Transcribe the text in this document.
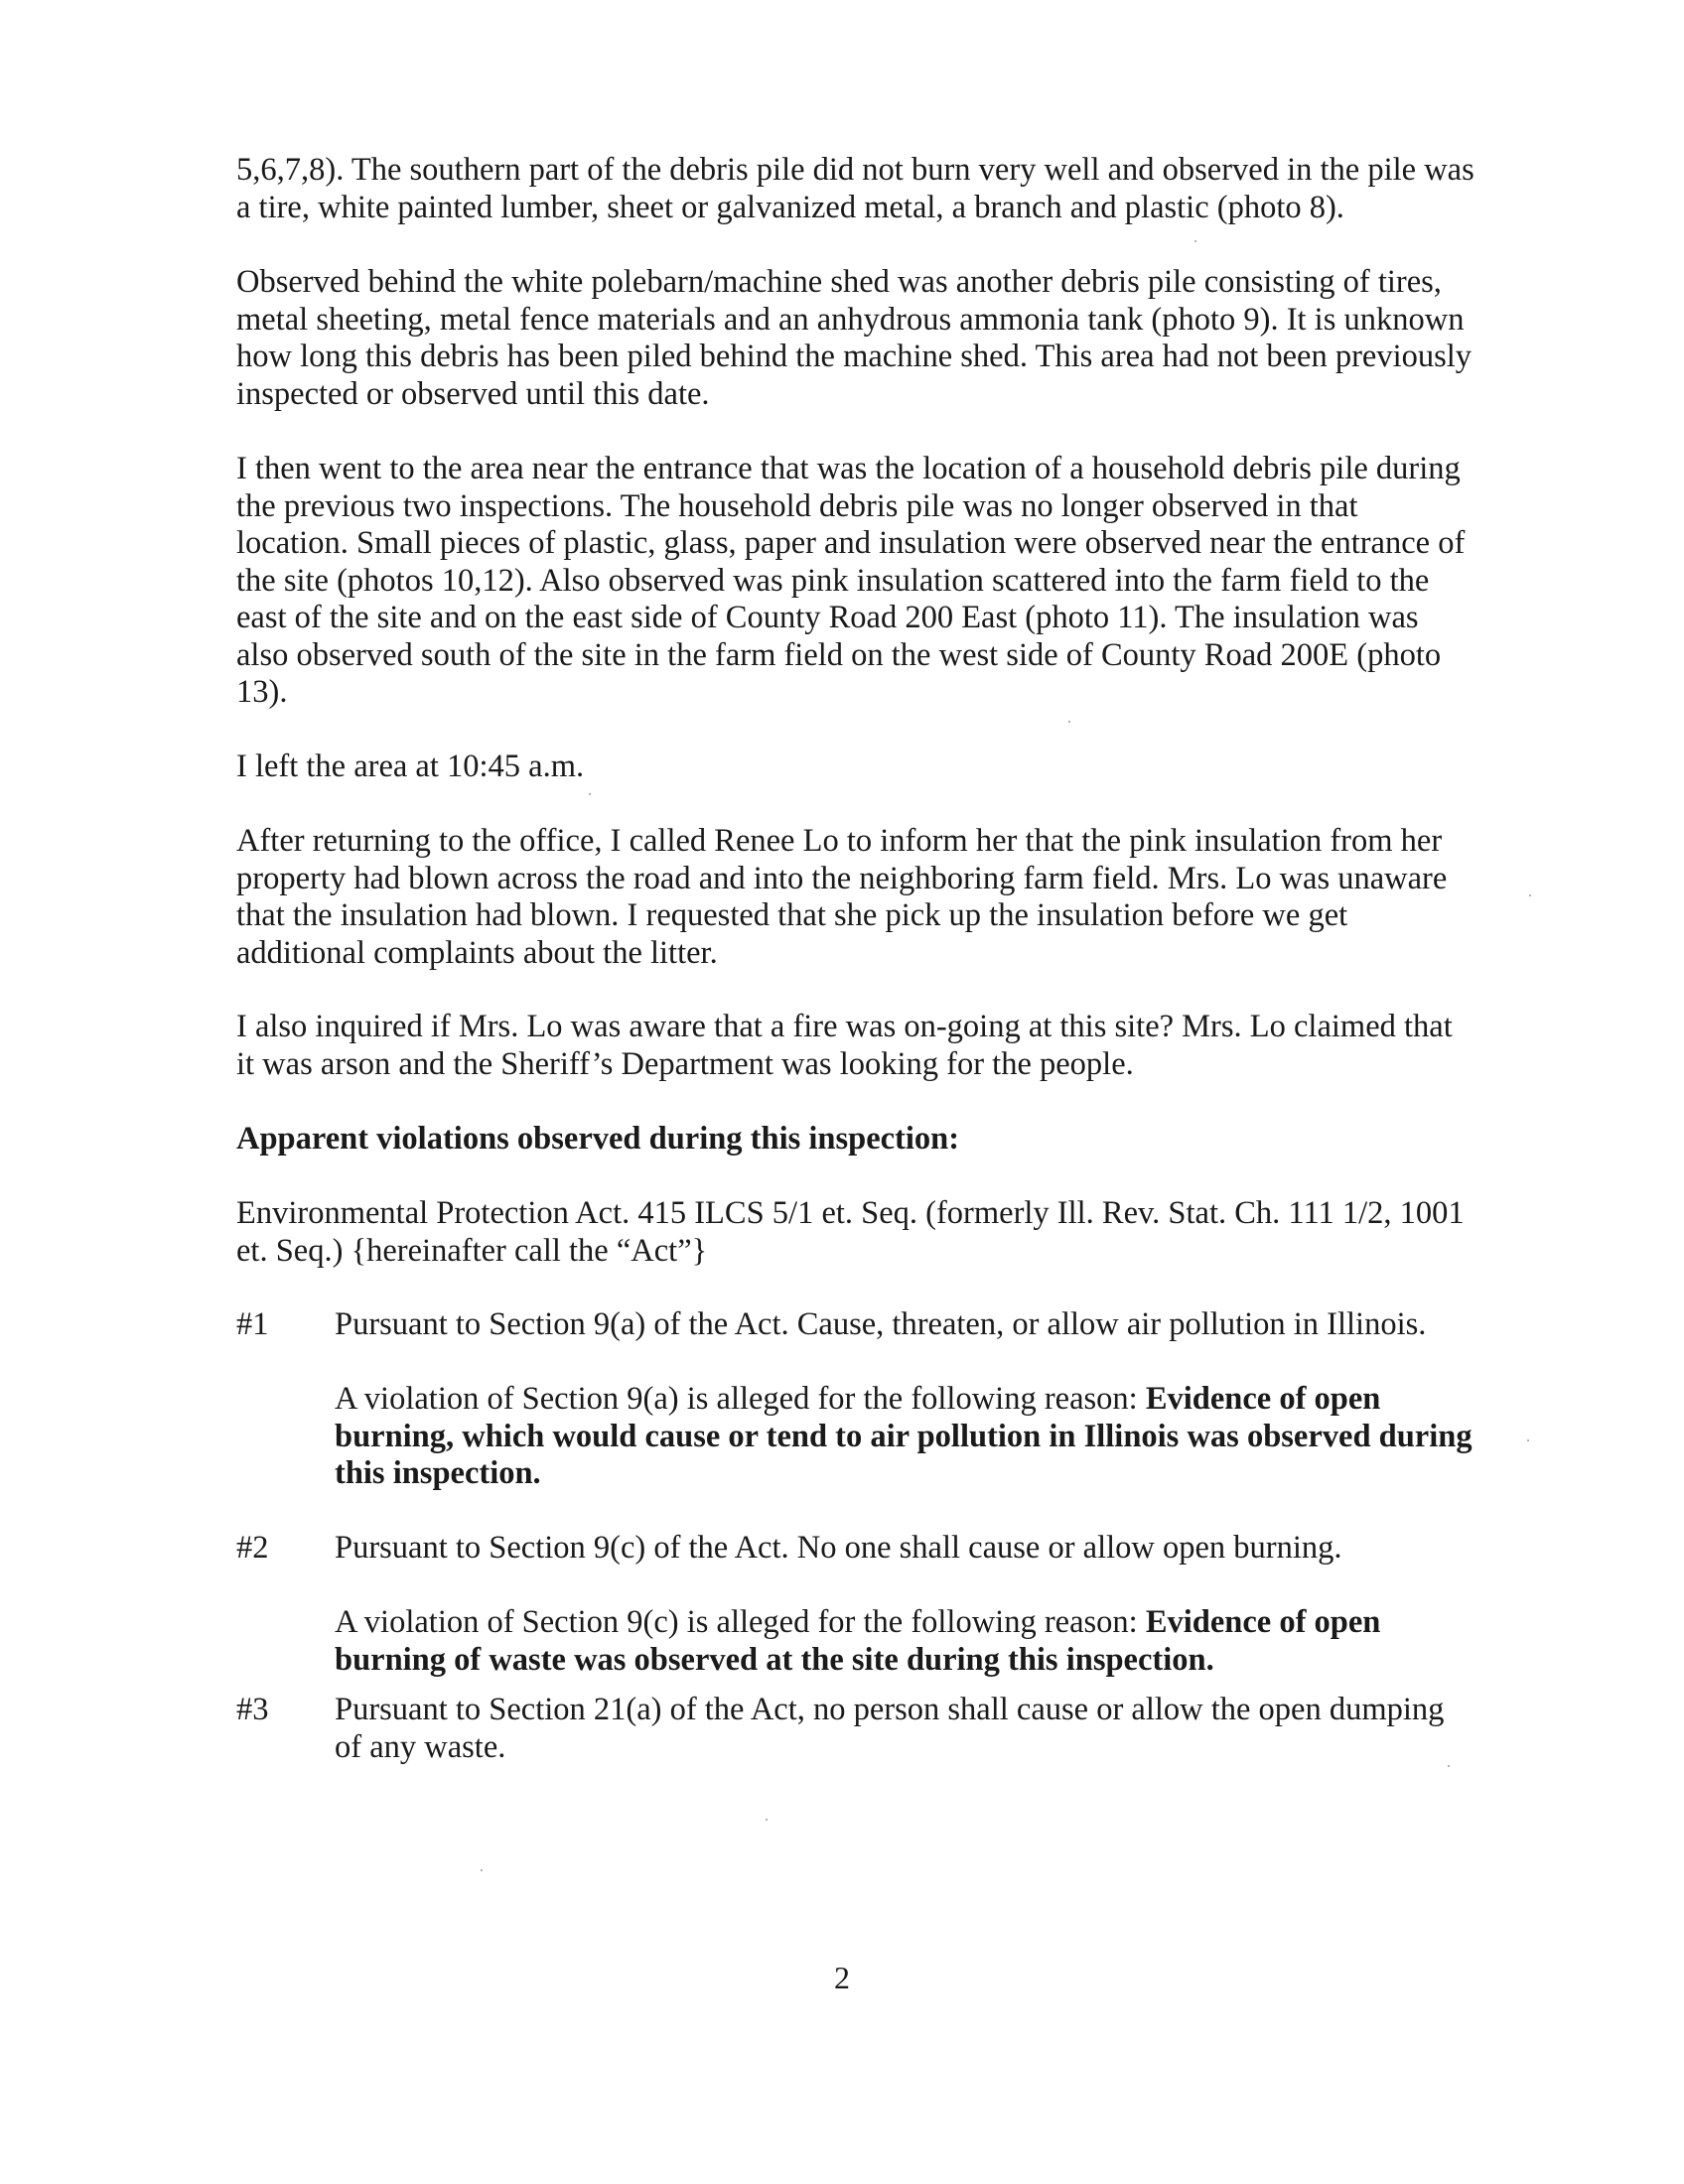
5,6,7,8). The southern part of the debris pile did not burn very well and observed in the pile was a tire, white painted lumber, sheet or galvanized metal, a branch and plastic (photo 8).

Observed behind the white polebarn/machine shed was another debris pile consisting of tires, metal sheeting, metal fence materials and an anhydrous ammonia tank (photo 9). It is unknown how long this debris has been piled behind the machine shed. This area had not been previously inspected or observed until this date.

I then went to the area near the entrance that was the location of a household debris pile during the previous two inspections. The household debris pile was no longer observed in that location. Small pieces of plastic, glass, paper and insulation were observed near the entrance of the site (photos 10,12). Also observed was pink insulation scattered into the farm field to the east of the site and on the east side of County Road 200 East (photo 11). The insulation was also observed south of the site in the farm field on the west side of County Road 200E (photo 13).

I left the area at 10:45 a.m.

After returning to the office, I called Renee Lo to inform her that the pink insulation from her property had blown across the road and into the neighboring farm field. Mrs. Lo was unaware that the insulation had blown. I requested that she pick up the insulation before we get additional complaints about the litter.

I also inquired if Mrs. Lo was aware that a fire was on-going at this site? Mrs. Lo claimed that it was arson and the Sheriff’s Department was looking for the people.

Apparent violations observed during this inspection:

Environmental Protection Act. 415 ILCS 5/1 et. Seq. (formerly Ill. Rev. Stat. Ch. 111 1/2, 1001 et. Seq.) {hereinafter call the “Act”}

#1 Pursuant to Section 9(a) of the Act. Cause, threaten, or allow air pollution in Illinois.

A violation of Section 9(a) is alleged for the following reason: Evidence of open burning, which would cause or tend to air pollution in Illinois was observed during this inspection.

#2 Pursuant to Section 9(c) of the Act. No one shall cause or allow open burning.

A violation of Section 9(c) is alleged for the following reason: Evidence of open burning of waste was observed at the site during this inspection.

#3 Pursuant to Section 21(a) of the Act, no person shall cause or allow the open dumping of any waste.

2
